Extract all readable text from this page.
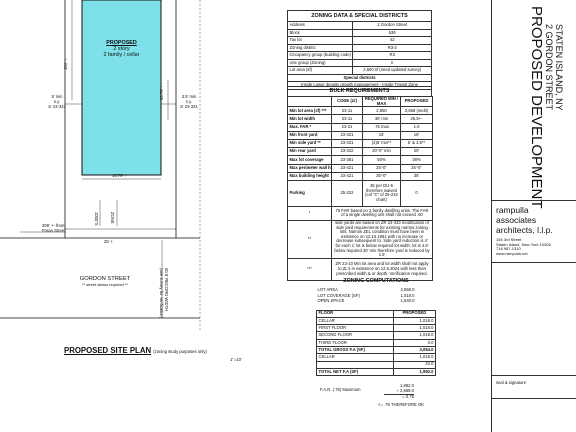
PROPOSED
2 story
2 family / cellar
104' +
60.75' +
16.79' +
5' min
s.y.
zr 23-331
3.5' min
s.y.
zr 23-331
1000"S	ZONE
308' +- from
Frean Street
25' +
GORDON STREET
** street status required **	60.0' RECORD WIDTH
(see survey for verification)
PROPOSED SITE PLAN (zoning study purposes only)
1"=10'
ZONING DATA & SPECIAL DISTRICTS
Address	2 Gordon Street
Block	536
Tax lot	42
Zoning district	R3-2
Occupancy group (building code)	R3
Use group (Zoning)	II
Lot area (sf)	2,600 sf (need updated survey)
Special districts	
Inside Lower density growth management - Inside Transit Zone	
BULK REQUIREMENTS
	CODE (zr)	REQUIRED MIN / MAX	PROPOSED
Min lot area (sf) ***	23-11	2,850	2,658 (sedit)
Min lot width	23-11	30' min	25.5+-
Max. FAR *	23-21	.75 max	1.0
Min front yard	23-321	15'	18'
Min side yard **	23-331	(2)5' min**	5' & 3.5**
Min rear yard	23-342	20'-0" min	20'
Max lot coverage	23-361	50%	38%
Max perimeter wall ht	23-421	25'-0"	25'-0"
Max building height	23-421	35'-0"	35'
Parking	25-222	35 per DU-5 therefore waived (col "C" of 25-222 chart)	0
*	75 FAR based on 2 family dwelling units. The FAR of a single dwelling unit shall not exceed .60		
**	side yards are based on ZR 23-333 modification of side yard requirements for existing narrow zoning lots. Narrow ZEL condition must have been in existence on 12.15.1961 with no increase or decrease subsequent to. Side yard reduction is 4' for each 1' lot is below required lot width. lot is 4.5' below required 30' min therefore yard is reduced by 1.5'		
***	ZR 23-10 Min lot area and lot width shall not apply to ZL's in existence on 12.5.2024 with less than prescribed width & or depth. Verification required.		
ZONING COMPUTATIONS
LOT AREA	2,658.0
LOT COVERAGE (SF)	1,018.0
OPEN SPACE	1,640.0
FLOOR	PROPOSED
CELLAR	1,018.0
FIRST FLOOR	1,018.0
SECOND FLOOR	1,018.0
THIRD FLOOR	0.0
TOTAL GROSS F.A (SF)	3,054.0
CELLAR	1,018.0
	44.0
TOTAL NET F.A (SF)	1,992.0
F.A.R. (.75) Maximum
1,992.0
÷ 2,658.0
= 0.75
<= .75 THEREFORE OK
PROPOSED DEVELOPMENT 2 GORDON STREET STATEN ISLAND, NY
rampulla
associates
architects, l.l.p.
155 3rd Street
Staten Island, New York 10306
718 987-1310
www.rampulla.net
seal & signature
